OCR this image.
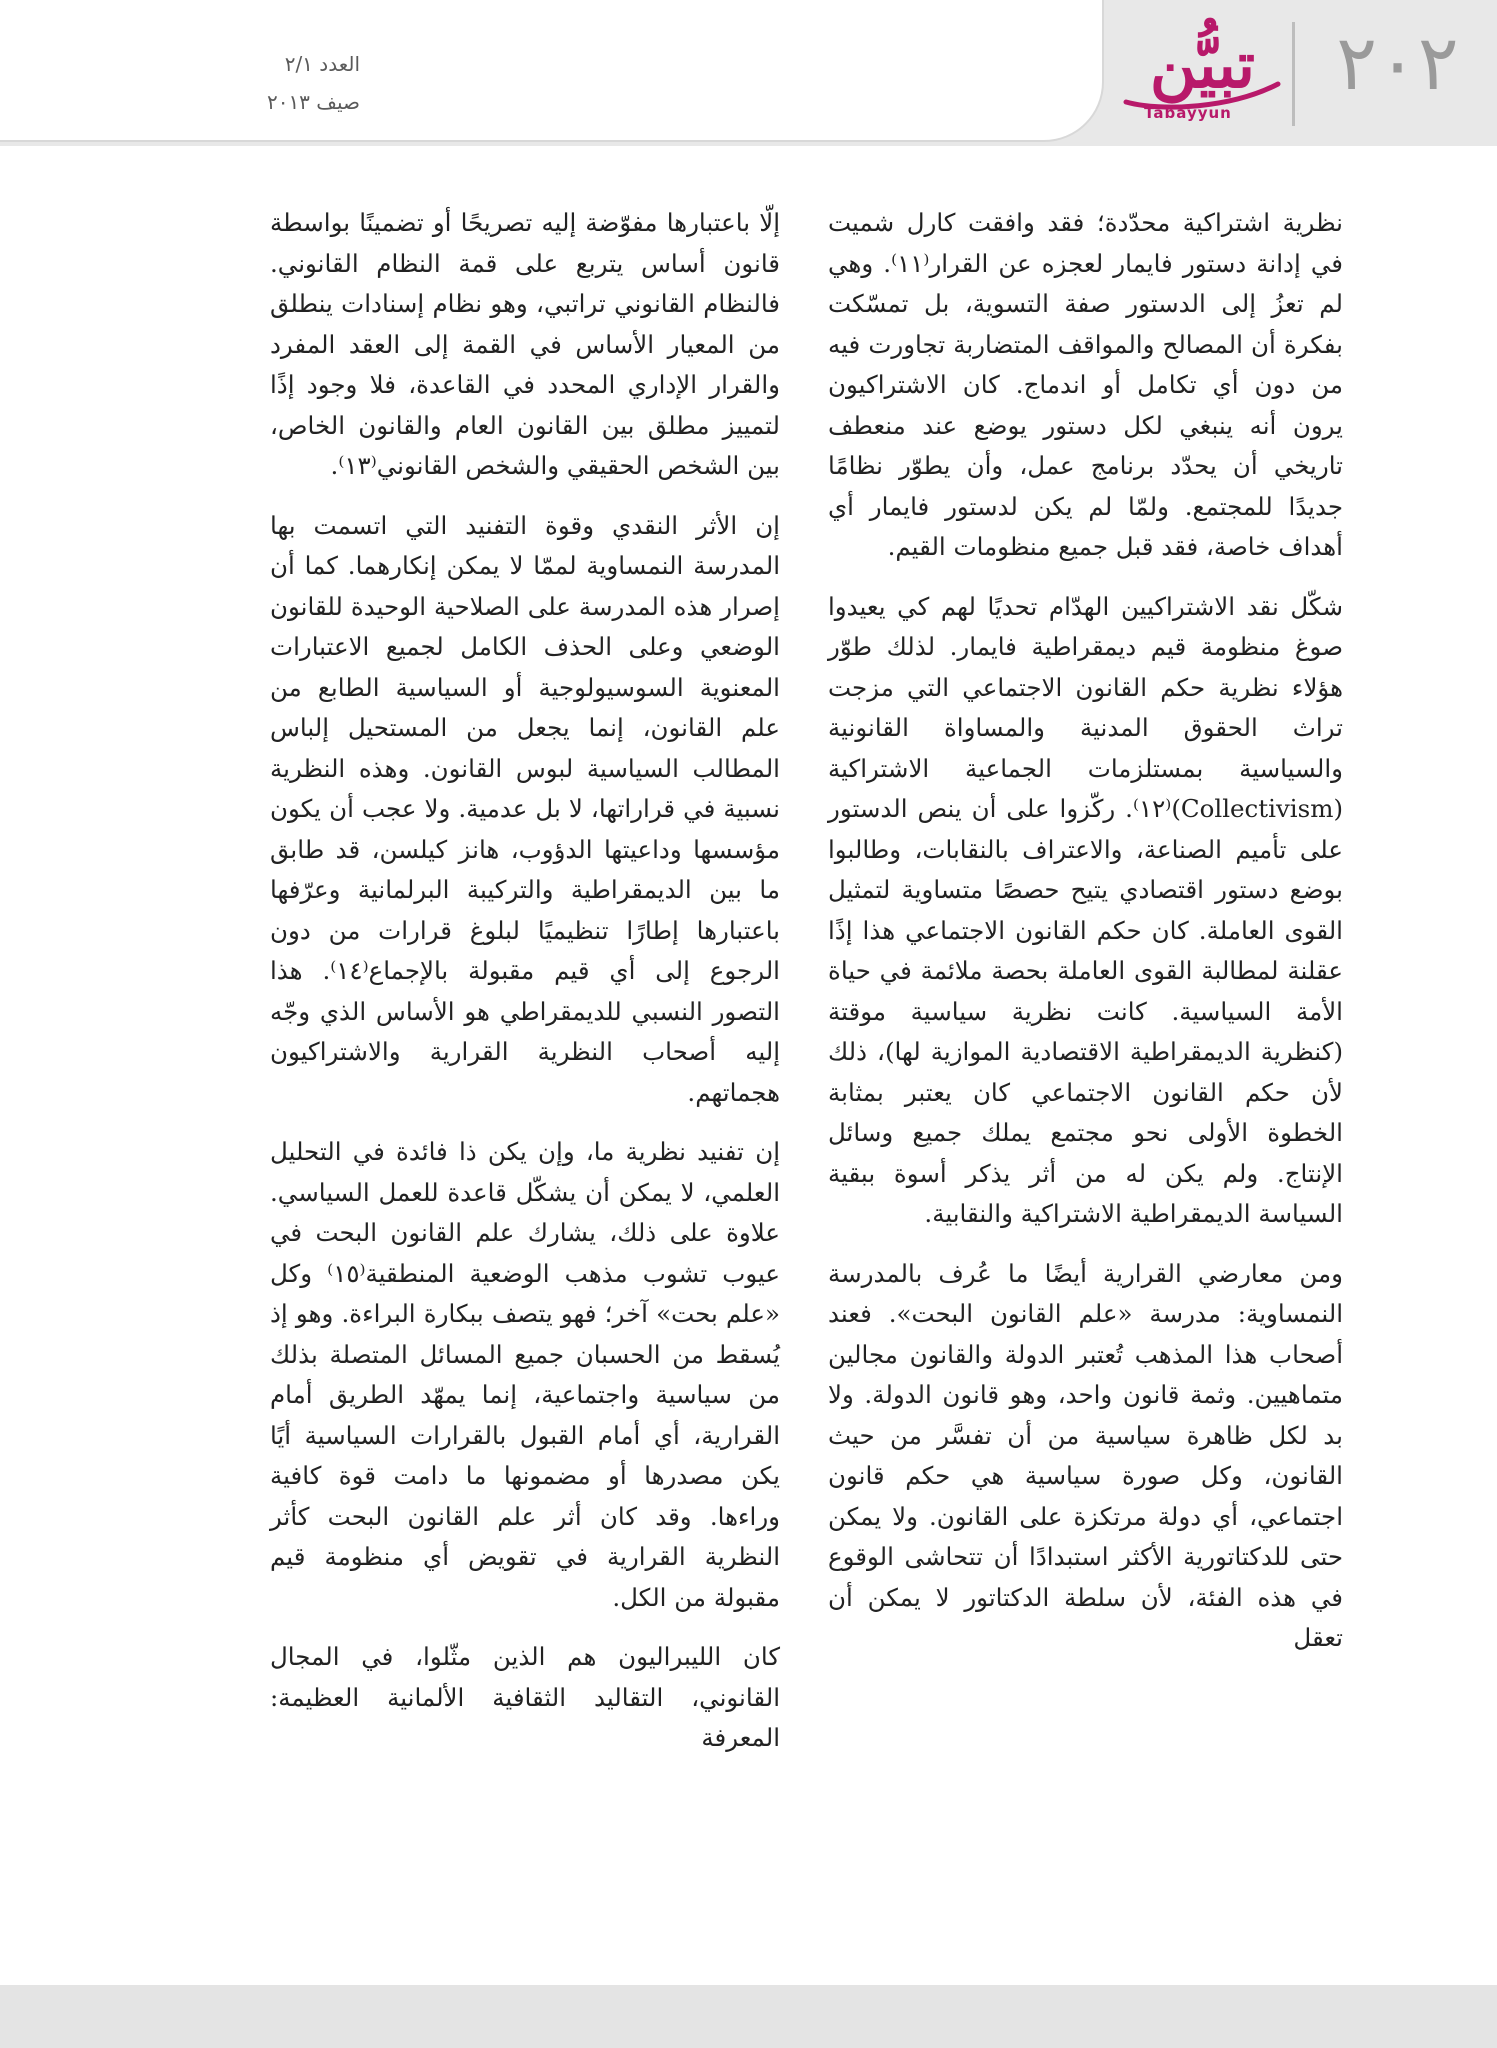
٢٠٢
تبيُّن
Tabayyun
العدد ٢/١
صيف ٢٠١٣

نظرية اشتراكية محدّدة؛ فقد وافقت كارل شميت في إدانة دستور فايمار لعجزه عن القرار⁽١١⁾. وهي لم تعزُ إلى الدستور صفة التسوية، بل تمسّكت بفكرة أن المصالح والمواقف المتضاربة تجاورت فيه من دون أي تكامل أو اندماج. كان الاشتراكيون يرون أنه ينبغي لكل دستور يوضع عند منعطف تاريخي أن يحدّد برنامج عمل، وأن يطوّر نظامًا جديدًا للمجتمع. ولمّا لم يكن لدستور فايمار أي أهداف خاصة، فقد قبل جميع منظومات القيم.

شكّل نقد الاشتراكيين الهدّام تحديًا لهم كي يعيدوا صوغ منظومة قيم ديمقراطية فايمار. لذلك طوّر هؤلاء نظرية حكم القانون الاجتماعي التي مزجت تراث الحقوق المدنية والمساواة القانونية والسياسية بمستلزمات الجماعية الاشتراكية (Collectivism)⁽١٢⁾. ركّزوا على أن ينص الدستور على تأميم الصناعة، والاعتراف بالنقابات، وطالبوا بوضع دستور اقتصادي يتيح حصصًا متساوية لتمثيل القوى العاملة. كان حكم القانون الاجتماعي هذا إذًا عقلنة لمطالبة القوى العاملة بحصة ملائمة في حياة الأمة السياسية. كانت نظرية سياسية موقتة (كنظرية الديمقراطية الاقتصادية الموازية لها)، ذلك لأن حكم القانون الاجتماعي كان يعتبر بمثابة الخطوة الأولى نحو مجتمع يملك جميع وسائل الإنتاج. ولم يكن له من أثر يذكر أسوة ببقية السياسة الديمقراطية الاشتراكية والنقابية.

ومن معارضي القرارية أيضًا ما عُرف بالمدرسة النمساوية: مدرسة «علم القانون البحت». فعند أصحاب هذا المذهب تُعتبر الدولة والقانون مجالين متماهيين. وثمة قانون واحد، وهو قانون الدولة. ولا بد لكل ظاهرة سياسية من أن تفسَّر من حيث القانون، وكل صورة سياسية هي حكم قانون اجتماعي، أي دولة مرتكزة على القانون. ولا يمكن حتى للدكتاتورية الأكثر استبدادًا أن تتحاشى الوقوع في هذه الفئة، لأن سلطة الدكتاتور لا يمكن أن تعقل

إلّا باعتبارها مفوّضة إليه تصريحًا أو تضمينًا بواسطة قانون أساس يتربع على قمة النظام القانوني. فالنظام القانوني تراتبي، وهو نظام إسنادات ينطلق من المعيار الأساس في القمة إلى العقد المفرد والقرار الإداري المحدد في القاعدة، فلا وجود إذًا لتمييز مطلق بين القانون العام والقانون الخاص، بين الشخص الحقيقي والشخص القانوني⁽١٣⁾.

إن الأثر النقدي وقوة التفنيد التي اتسمت بها المدرسة النمساوية لممّا لا يمكن إنكارهما. كما أن إصرار هذه المدرسة على الصلاحية الوحيدة للقانون الوضعي وعلى الحذف الكامل لجميع الاعتبارات المعنوية السوسيولوجية أو السياسية الطابع من علم القانون، إنما يجعل من المستحيل إلباس المطالب السياسية لبوس القانون. وهذه النظرية نسبية في قراراتها، لا بل عدمية. ولا عجب أن يكون مؤسسها وداعيتها الدؤوب، هانز كيلسن، قد طابق ما بين الديمقراطية والتركيبة البرلمانية وعرّفها باعتبارها إطارًا تنظيميًا لبلوغ قرارات من دون الرجوع إلى أي قيم مقبولة بالإجماع⁽١٤⁾. هذا التصور النسبي للديمقراطي هو الأساس الذي وجّه إليه أصحاب النظرية القرارية والاشتراكيون هجماتهم.

إن تفنيد نظرية ما، وإن يكن ذا فائدة في التحليل العلمي، لا يمكن أن يشكّل قاعدة للعمل السياسي. علاوة على ذلك، يشارك علم القانون البحت في عيوب تشوب مذهب الوضعية المنطقية⁽١٥⁾ وكل «علم بحت» آخر؛ فهو يتصف ببكارة البراءة. وهو إذ يُسقط من الحسبان جميع المسائل المتصلة بذلك من سياسية واجتماعية، إنما يمهّد الطريق أمام القرارية، أي أمام القبول بالقرارات السياسية أيًا يكن مصدرها أو مضمونها ما دامت قوة كافية وراءها. وقد كان أثر علم القانون البحت كأثر النظرية القرارية في تقويض أي منظومة قيم مقبولة من الكل.

كان الليبراليون هم الذين مثّلوا، في المجال القانوني، التقاليد الثقافية الألمانية العظيمة: المعرفة
